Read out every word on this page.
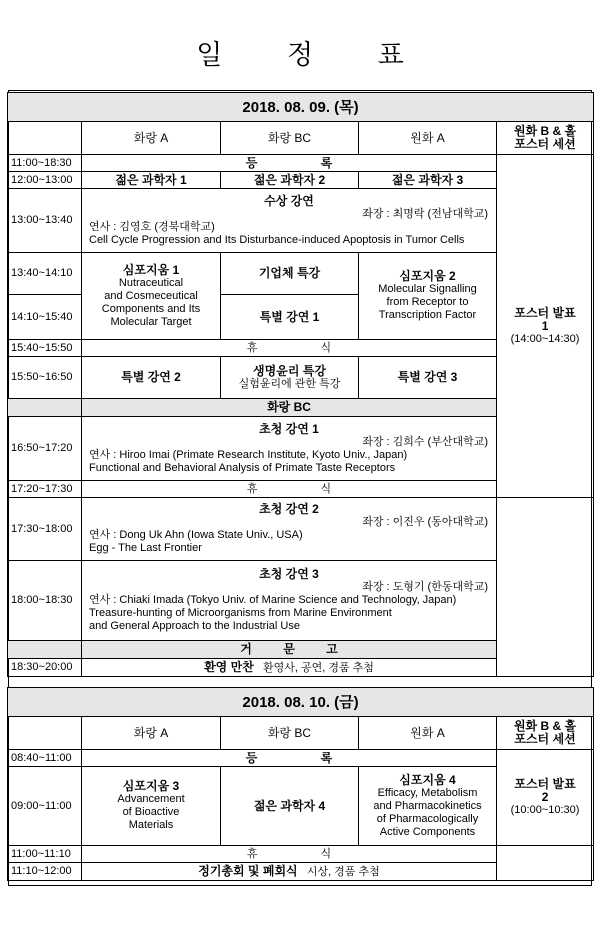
일 정 표
2018. 08. 09. (목)				
	화랑 A	화랑 BC	원화 A	원화 B & 홀
포스터 세션

11:00~18:30	등 록			포스터 발표
1
(14:00~14:30)

12:00~13:00	젊은 과학자 1	젊은 과학자 2	젊은 과학자 3	
13:00~13:40	수상 강연
좌장 : 최명락 (전남대학교)
연사 : 김영호 (경북대학교)
Cell Cycle Progression and Its Disturbance-induced Apoptosis in Tumor Cells			

13:40~14:10	심포지움 1
Nutraceutical
and Cosmeceutical
Components and Its
Molecular Target	기업체 특강	심포지움 2
Molecular Signalling
from Receptor to
Transcription Factor	

14:10~15:40		특별 강연 1		
15:40~15:50	휴 식			
15:50~16:50	특별 강연 2	생명윤리 특강
실험윤리에 관한 특강	특별 강연 3	
	화랑 BC			
16:50~17:20	초청 강연 1
좌장 : 김희수 (부산대학교)
연사 : Hiroo Imai (Primate Research Institute, Kyoto Univ., Japan)
Functional and Behavioral Analysis of Primate Taste Receptors			

17:20~17:30	휴 식			
17:30~18:00	초청 강연 2
좌장 : 이진우 (동아대학교)
연사 : Dong Uk Ahn (Iowa State Univ., USA)
Egg - The Last Frontier			

18:00~18:30	초청 강연 3
좌장 : 도형기 (한동대학교)
연사 : Chiaki Imada (Tokyo Univ. of Marine Science and Technology, Japan)
Treasure-hunting of Microorganisms from Marine Environment
and General Approach to the Industrial Use			

	거 문 고			
18:30~20:00	환영 만찬 환영사, 공연, 경품 추첨			
2018. 08. 10. (금)				
	화랑 A	화랑 BC	원화 A	원화 B & 홀
포스터 세션

08:40~11:00	등 록			포스터 발표
2
(10:00~10:30)

09:00~11:00	심포지움 3
Advancement
of Bioactive
Materials	젊은 과학자 4	심포지움 4
Efficacy, Metabolism
and Pharmacokinetics
of Pharmacologically
Active Components	

11:00~11:10	휴 식			
11:10~12:00	정기총회 및 폐회식 시상, 경품 추첨			
